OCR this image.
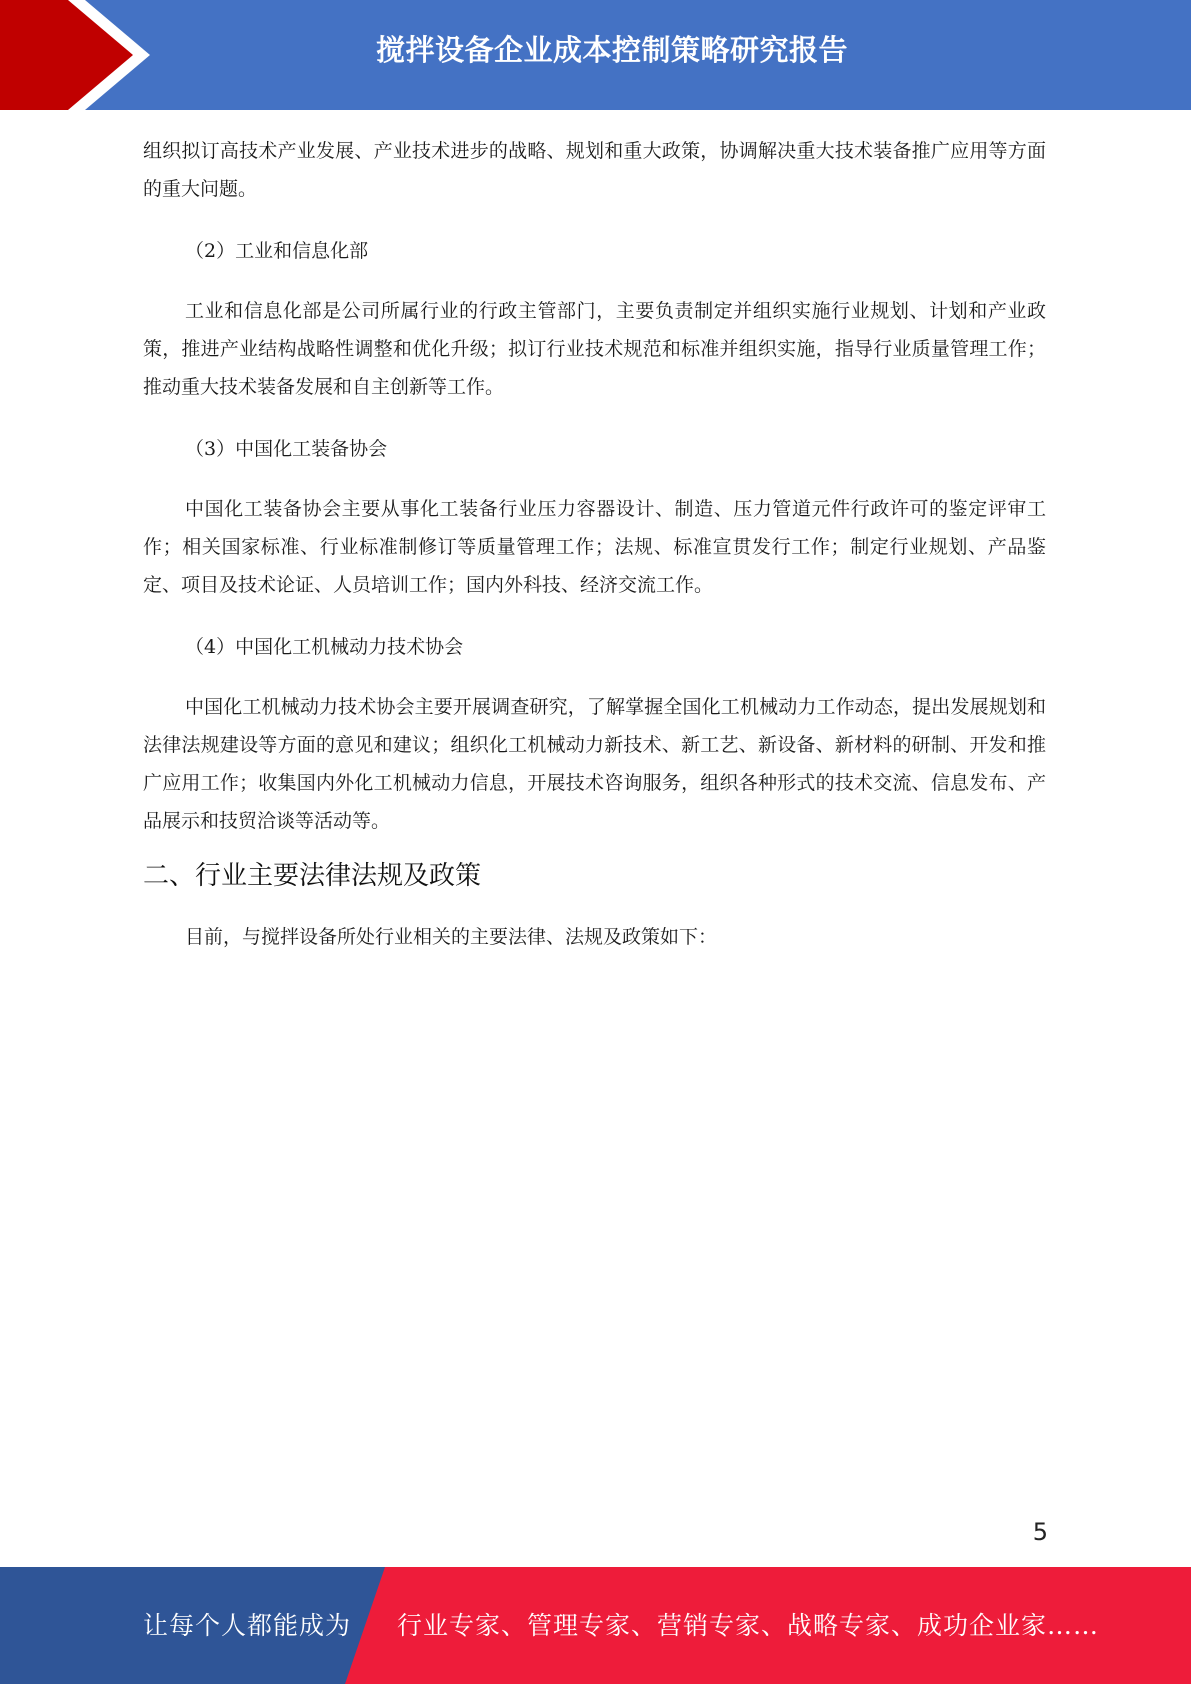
搅拌设备企业成本控制策略研究报告

组织拟订高技术产业发展、产业技术进步的战略、规划和重大政策，协调解决重大技术装备推广应用等方面的重大问题。

（2）工业和信息化部

工业和信息化部是公司所属行业的行政主管部门，主要负责制定并组织实施行业规划、计划和产业政策，推进产业结构战略性调整和优化升级；拟订行业技术规范和标准并组织实施，指导行业质量管理工作；推动重大技术装备发展和自主创新等工作。

（3）中国化工装备协会

中国化工装备协会主要从事化工装备行业压力容器设计、制造、压力管道元件行政许可的鉴定评审工作；相关国家标准、行业标准制修订等质量管理工作；法规、标准宣贯发行工作；制定行业规划、产品鉴定、项目及技术论证、人员培训工作；国内外科技、经济交流工作。

（4）中国化工机械动力技术协会

中国化工机械动力技术协会主要开展调查研究，了解掌握全国化工机械动力工作动态，提出发展规划和法律法规建设等方面的意见和建议；组织化工机械动力新技术、新工艺、新设备、新材料的研制、开发和推广应用工作；收集国内外化工机械动力信息，开展技术咨询服务，组织各种形式的技术交流、信息发布、产品展示和技贸洽谈等活动等。

二、行业主要法律法规及政策

目前，与搅拌设备所处行业相关的主要法律、法规及政策如下：

5
让每个人都能成为 行业专家、管理专家、营销专家、战略专家、成功企业家……
